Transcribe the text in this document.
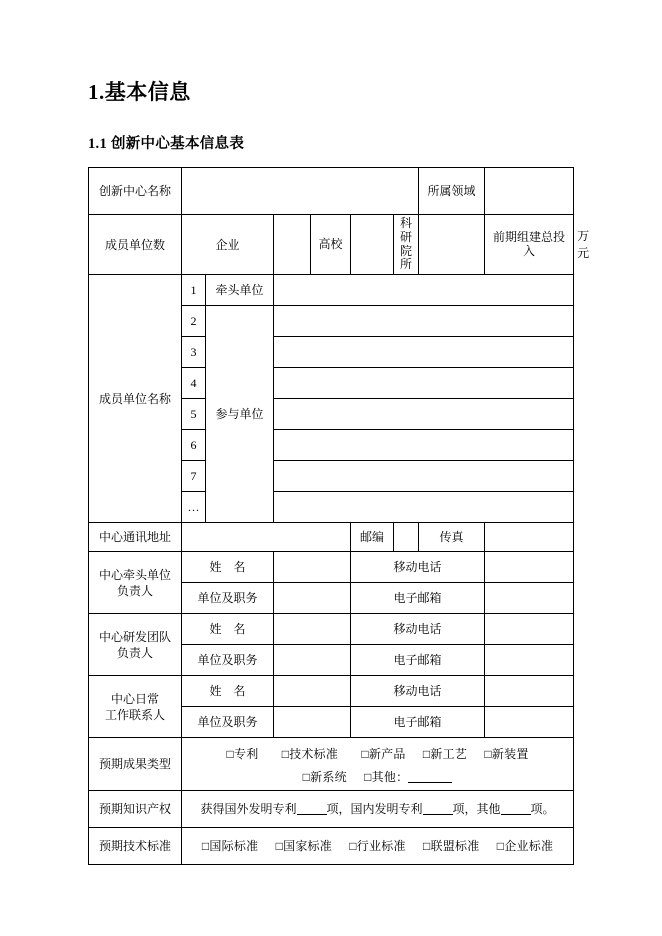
1.基本信息
1.1 创新中心基本信息表
创新中心名称							所属领域		
成员单位数	企业			高校		科研院所		前期组建总投入	万元
成员单位名称	1	牵头单位							
	2	参与单位							
	3								
	4								
	5								
	6								
	7								
	…								
中心通讯地址					邮编		传真		

中心牵头单位
负责人	姓　名				移动电话				
	单位及职务				电子邮箱				

中心研发团队
负责人	姓　名				移动电话				
	单位及职务				电子邮箱				

中心日常
工作联系人	姓　名				移动电话				
	单位及职务				电子邮箱				
预期成果类型	□专利 □技术标准 □新产品 □新工艺 □新装置
□新系统 □其他：								

预期知识产权	获得国外发明专利 项，国内发明专利 项，其他 项。								
预期技术标准	□国际标准 □国家标准 □行业标准 □联盟标准 □企业标准								
